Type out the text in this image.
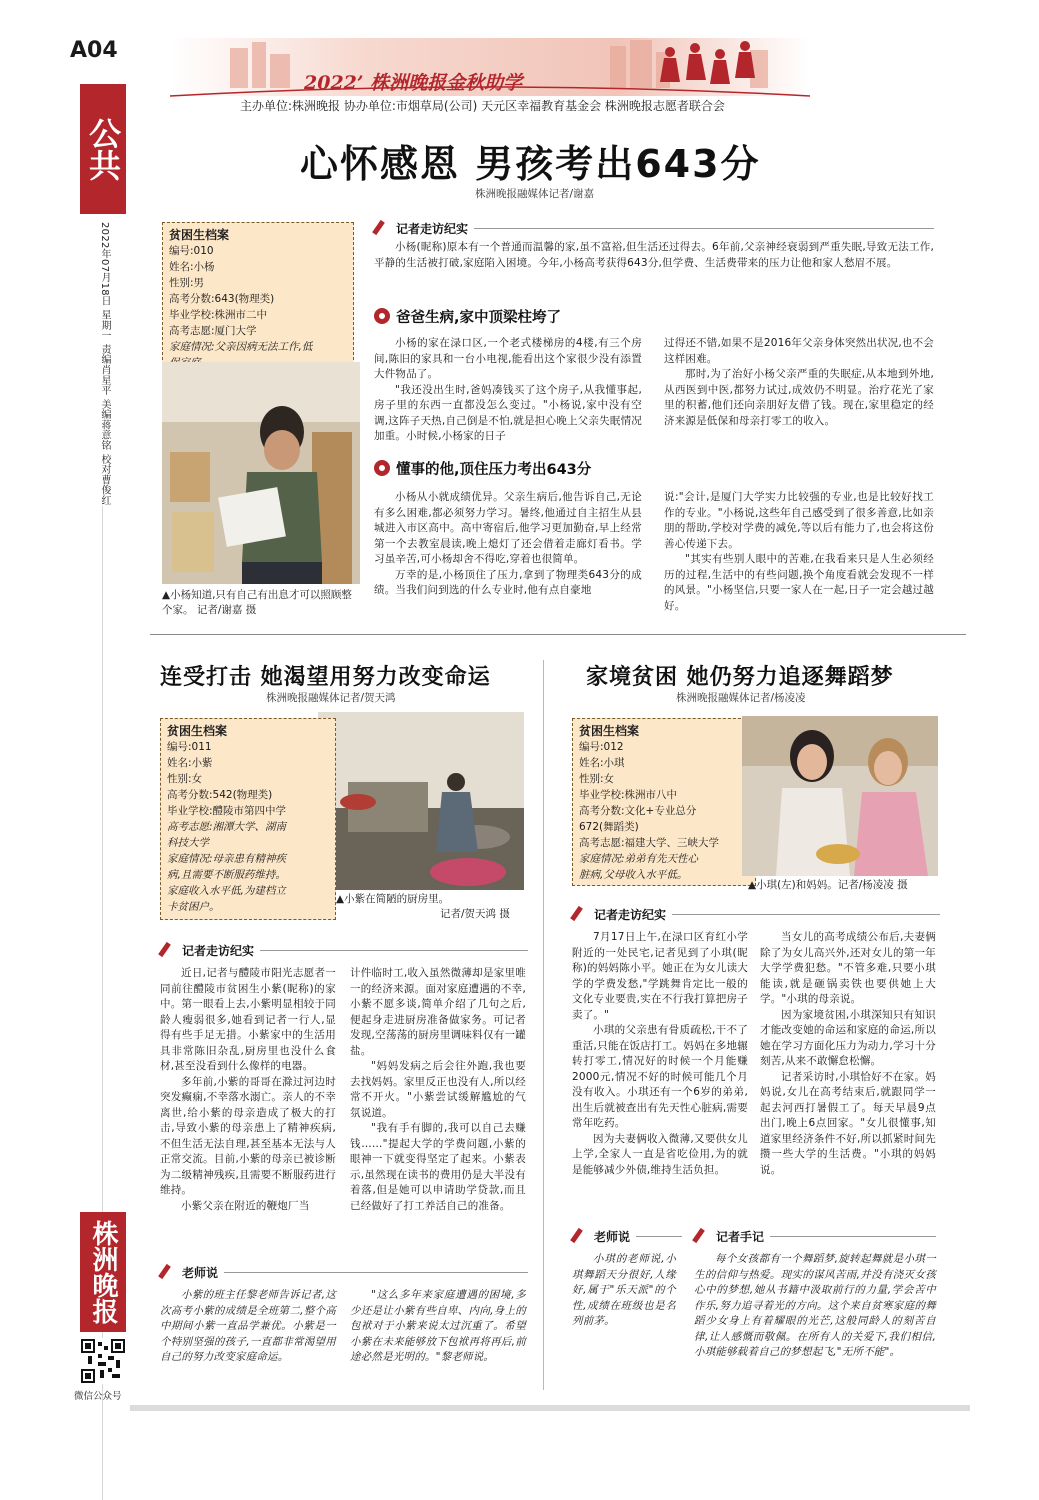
A04
公共
2022年07月18日 星期一 责编肖星平 美编蒋意铭 校对曹俊红
株洲晚报
微信公众号
2022’ 株洲晚报金秋助学
主办单位:株洲晚报 协办单位:市烟草局(公司) 天元区幸福教育基金会 株洲晚报志愿者联合会
心怀感恩 男孩考出643分
株洲晚报融媒体记者/谢嘉
贫困生档案
编号:010
姓名:小杨
性别:男
高考分数:643(物理类)
毕业学校:株洲市二中
高考志愿:厦门大学
家庭情况:父亲因病无法工作,低
▲小杨知道,只有自己有出息才可以照顾整个家。 记者/谢嘉 摄
记者走访纪实

小杨(昵称)原本有一个普通而温馨的家,虽不富裕,但生活还过得去。6年前,父亲神经衰弱到严重失眠,导致无法工作,平静的生活被打破,家庭陷入困境。今年,小杨高考获得643分,但学费、生活费带来的压力让他和家人愁眉不展。

爸爸生病,家中顶梁柱垮了

小杨的家在渌口区,一个老式楼梯房的4楼,有三个房间,陈旧的家具和一台小电视,能看出这个家很少没有添置大件物品了。

"我还没出生时,爸妈凑钱买了这个房子,从我懂事起,房子里的东西一直都没怎么变过。"小杨说,家中没有空调,这阵子天热,自己倒是不怕,就是担心晚上父亲失眠情况加重。小时候,小杨家的日子

过得还不错,如果不是2016年父亲身体突然出状况,也不会这样困难。

那时,为了治好小杨父亲严重的失眠症,从本地到外地,从西医到中医,都努力试过,成效仍不明显。治疗花光了家里的积蓄,他们还向亲朋好友借了钱。现在,家里稳定的经济来源是低保和母亲打零工的收入。

懂事的他,顶住压力考出643分

小杨从小就成绩优异。父亲生病后,他告诉自己,无论有多么困难,都必须努力学习。暑终,他通过自主招生从县城进入市区高中。高中寄宿后,他学习更加勤奋,早上经常第一个去教室晨读,晚上熄灯了还会借着走廊灯看书。学习虽辛苦,可小杨却舍不得吃,穿着也很简单。

万幸的是,小杨顶住了压力,拿到了物理类643分的成绩。当我们问到选的什么专业时,他有点自豪地

说:"会计,是厦门大学实力比较强的专业,也是比较好找工作的专业。"小杨说,这些年自己感受到了很多善意,比如亲朋的帮助,学校对学费的减免,等以后有能力了,也会将这份善心传递下去。

"其实有些别人眼中的苦难,在我看来只是人生必须经历的过程,生活中的有些问题,换个角度看就会发现不一样的风景。"小杨坚信,只要一家人在一起,日子一定会越过越好。

连受打击 她渴望用努力改变命运
株洲晚报融媒体记者/贺天鸿
贫困生档案
编号:011
姓名:小紫
性别:女
高考分数:542(物理类)
毕业学校:醴陵市第四中学
高考志愿:湘潭大学、湖南
科技大学
家庭情况:母亲患有精神疾
病,且需要不断服药维持。
家庭收入水平低,为建档立
卡贫困户。
▲小紫在简陋的厨房里。
记者/贺天鸿 摄
记者走访纪实

近日,记者与醴陵市阳光志愿者一同前往醴陵市贫困生小紫(昵称)的家中。第一眼看上去,小紫明显相较于同龄人瘦弱很多,她看到记者一行人,显得有些手足无措。小紫家中的生活用具非常陈旧杂乱,厨房里也没什么食材,甚至没看到什么像样的电器。

多年前,小紫的哥哥在滁过河边时突发癫痫,不幸落水溺亡。亲人的不幸离世,给小紫的母亲造成了极大的打击,导致小紫的母亲患上了精神疾病,不但生活无法自理,甚至基本无法与人正常交流。目前,小紫的母亲已被诊断为二级精神残疾,且需要不断服药进行维持。

小紫父亲在附近的鞭炮厂当

计件临时工,收入虽然微薄却是家里唯一的经济来源。面对家庭遭遇的不幸,小紫不愿多谈,简单介绍了几句之后,便起身走进厨房准备做家务。可记者发现,空荡荡的厨房里调味料仅有一罐盐。

"妈妈发病之后会往外跑,我也要去找妈妈。家里反正也没有人,所以经常不开火。"小紫尝试缓解尴尬的气氛说道。

"我有手有脚的,我可以自己去赚钱……"提起大学的学费问题,小紫的眼神一下就变得坚定了起来。小紫表示,虽然现在读书的费用仍是大半没有着落,但是她可以申请助学贷款,而且已经做好了打工养活自己的准备。

老师说

小紫的班主任黎老师告诉记者,这次高考小紫的成绩是全班第二,整个高中期间小紫一直品学兼优。小紫是一个特别坚强的孩子,一直都非常渴望用自己的努力改变家庭命运。

"这么多年来家庭遭遇的困境,多少还是让小紫有些自卑、内向,身上的包袱对于小紫来说太过沉重了。希望小紫在未来能够放下包袱再将再后,前途必然是光明的。"黎老师说。

家境贫困 她仍努力追逐舞蹈梦
株洲晚报融媒体记者/杨凌凌
贫困生档案
编号:012
姓名:小琪
性别:女
毕业学校:株洲市八中
高考分数:文化+专业总分
672(舞蹈类)
高考志愿:福建大学、三峡大学
家庭情况:弟弟有先天性心
脏病,父母收入水平低。
▲小琪(左)和妈妈。记者/杨凌凌 摄
记者走访纪实

7月17日上午,在渌口区育红小学附近的一处民宅,记者见到了小琪(昵称)的妈妈陈小平。她正在为女儿读大学的学费发愁,"学跳舞肯定比一般的文化专业要贵,实在不行我打算把房子卖了。"

小琪的父亲患有骨质疏松,干不了重活,只能在饭店打工。妈妈在多地辗转打零工,情况好的时候一个月能赚2000元,情况不好的时候可能几个月没有收入。小琪还有一个6岁的弟弟,出生后就被查出有先天性心脏病,需要常年吃药。

因为夫妻俩收入微薄,又要供女儿上学,全家人一直是省吃俭用,为的就是能够减少外债,维持生活负担。

当女儿的高考成绩公布后,夫妻俩除了为女儿高兴外,还对女儿的第一年大学学费犯愁。"不管多难,只要小琪能读,就是砸锅卖铁也要供她上大学。"小琪的母亲说。

因为家境贫困,小琪深知只有知识才能改变她的命运和家庭的命运,所以她在学习方面化压力为动力,学习十分刻苦,从来不敢懈怠松懈。

记者采访时,小琪恰好不在家。妈妈说,女儿在高考结束后,就跟同学一起去河西打暑假工了。每天早晨9点出门,晚上6点回家。"女儿很懂事,知道家里经济条件不好,所以抓紧时间先攒一些大学的生活费。"小琪的妈妈说。

老师说

小琪的老师说,小琪舞蹈天分很好,人缘好,属于"乐天派"的个性,成绩在班级也是名列前茅。

记者手记

每个女孩都有一个舞蹈梦,旋转起舞就是小琪一生的信仰与热爱。现实的谋风苦雨,并没有浇灭女孩心中的梦想,她从书籍中汲取前行的力量,学会苦中作乐,努力追寻着光的方向。这个来自贫寒家庭的舞蹈少女身上有着耀眼的光芒,这般同龄人的刻苦自律,让人感慨而敬佩。在所有人的关爱下,我们相信,小琪能够载着自己的梦想起飞,"无所不能"。
